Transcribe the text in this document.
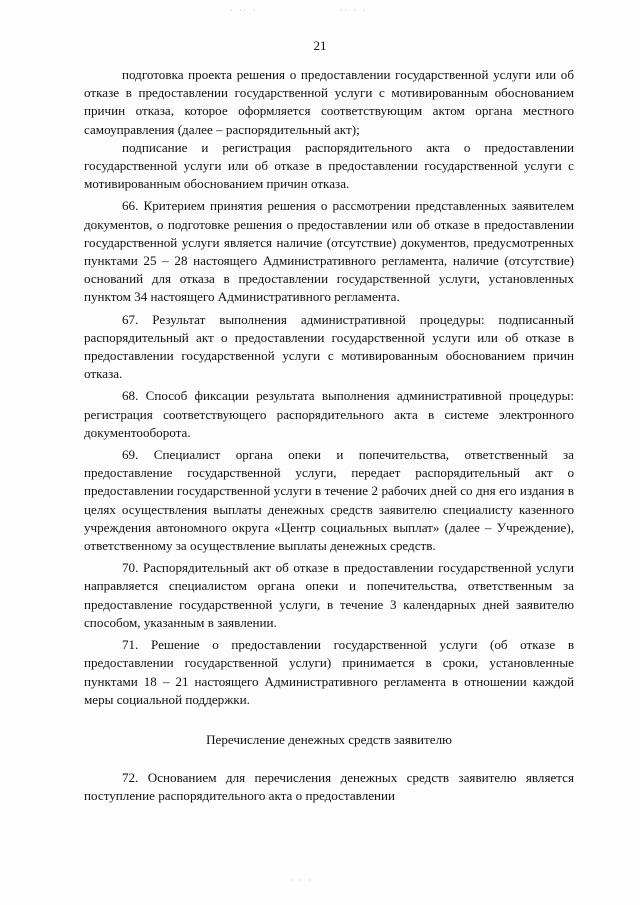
· ·· ·	·· · ·
21

подготовка проекта решения о предоставлении государственной услуги или об отказе в предоставлении государственной услуги с мотивированным обоснованием причин отказа, которое оформляется соответствующим актом органа местного самоуправления (далее – распорядительный акт);

подписание и регистрация распорядительного акта о предоставлении государственной услуги или об отказе в предоставлении государственной услуги с мотивированным обоснованием причин отказа.

66. Критерием принятия решения о рассмотрении представленных заявителем документов, о подготовке решения о предоставлении или об отказе в предоставлении государственной услуги является наличие (отсутствие) документов, предусмотренных пунктами 25 – 28 настоящего Административного регламента, наличие (отсутствие) оснований для отказа в предоставлении государственной услуги, установленных пунктом 34 настоящего Административного регламента.

67. Результат выполнения административной процедуры: подписанный распорядительный акт о предоставлении государственной услуги или об отказе в предоставлении государственной услуги с мотивированным обоснованием причин отказа.

68. Способ фиксации результата выполнения административной процедуры: регистрация соответствующего распорядительного акта в системе электронного документооборота.

69. Специалист органа опеки и попечительства, ответственный за предоставление государственной услуги, передает распорядительный акт о предоставлении государственной услуги в течение 2 рабочих дней со дня его издания в целях осуществления выплаты денежных средств заявителю специалисту казенного учреждения автономного округа «Центр социальных выплат» (далее – Учреждение), ответственному за осуществление выплаты денежных средств.

70. Распорядительный акт об отказе в предоставлении государственной услуги направляется специалистом органа опеки и попечительства, ответственным за предоставление государственной услуги, в течение 3 календарных дней заявителю способом, указанным в заявлении.

71. Решение о предоставлении государственной услуги (об отказе в предоставлении государственной услуги) принимается в сроки, установленные пунктами 18 – 21 настоящего Административного регламента в отношении каждой меры социальной поддержки.

Перечисление денежных средств заявителю

72. Основанием для перечисления денежных средств заявителю является поступление распорядительного акта о предоставлении

· · ·
